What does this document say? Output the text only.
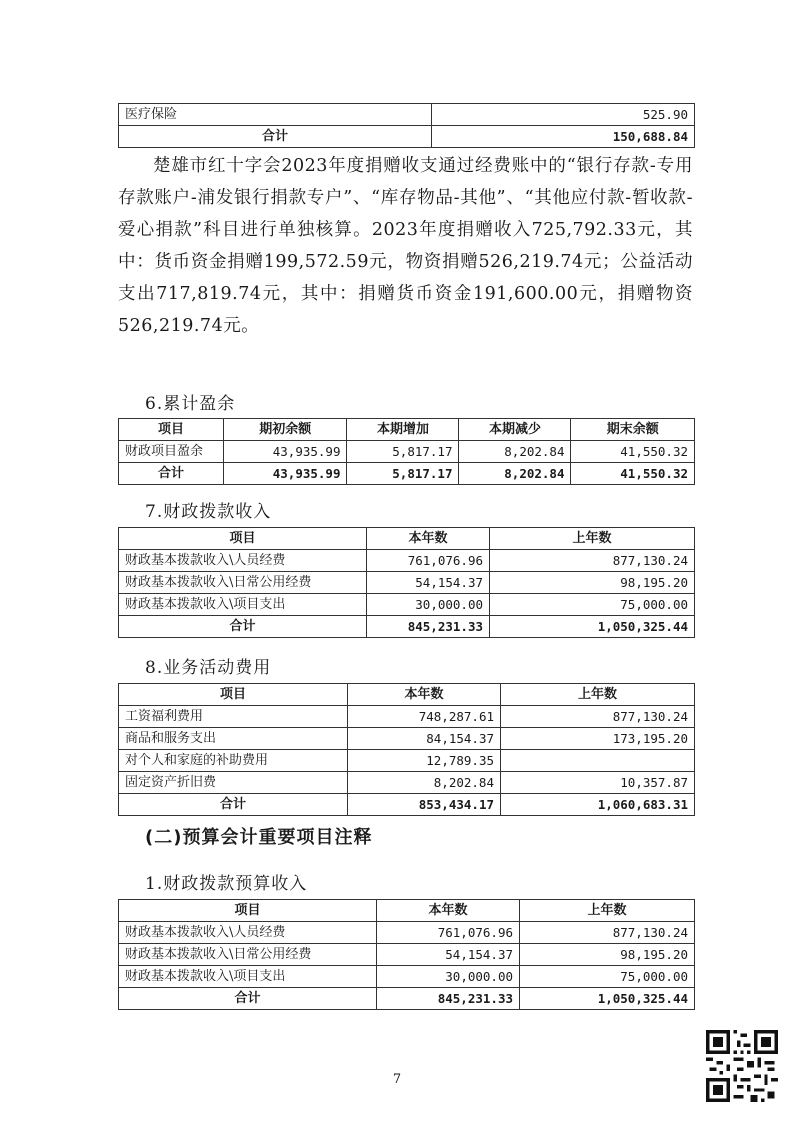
医疗保险	525.90
合计	150,688.84

楚雄市红十字会2023年度捐赠收支通过经费账中的“银行存款-专用存款账户-浦发银行捐款专户”、“库存物品-其他”、“其他应付款-暂收款-爱心捐款”科目进行单独核算。2023年度捐赠收入725,792.33元，其中：货币资金捐赠199,572.59元，物资捐赠526,219.74元；公益活动支出717,819.74元，其中：捐赠货币资金191,600.00元，捐赠物资526,219.74元。

6.累计盈余
项目	期初余额	本期增加	本期减少	期末余额
财政项目盈余	43,935.99	5,817.17	8,202.84	41,550.32
合计	43,935.99	5,817.17	8,202.84	41,550.32
7.财政拨款收入
项目	本年数	上年数
财政基本拨款收入\人员经费	761,076.96	877,130.24
财政基本拨款收入\日常公用经费	54,154.37	98,195.20
财政基本拨款收入\项目支出	30,000.00	75,000.00
合计	845,231.33	1,050,325.44
8.业务活动费用
项目	本年数	上年数
工资福利费用	748,287.61	877,130.24
商品和服务支出	84,154.37	173,195.20
对个人和家庭的补助费用	12,789.35	
固定资产折旧费	8,202.84	10,357.87
合计	853,434.17	1,060,683.31
(二)预算会计重要项目注释
1.财政拨款预算收入
项目	本年数	上年数
财政基本拨款收入\人员经费	761,076.96	877,130.24
财政基本拨款收入\日常公用经费	54,154.37	98,195.20
财政基本拨款收入\项目支出	30,000.00	75,000.00
合计	845,231.33	1,050,325.44
7
